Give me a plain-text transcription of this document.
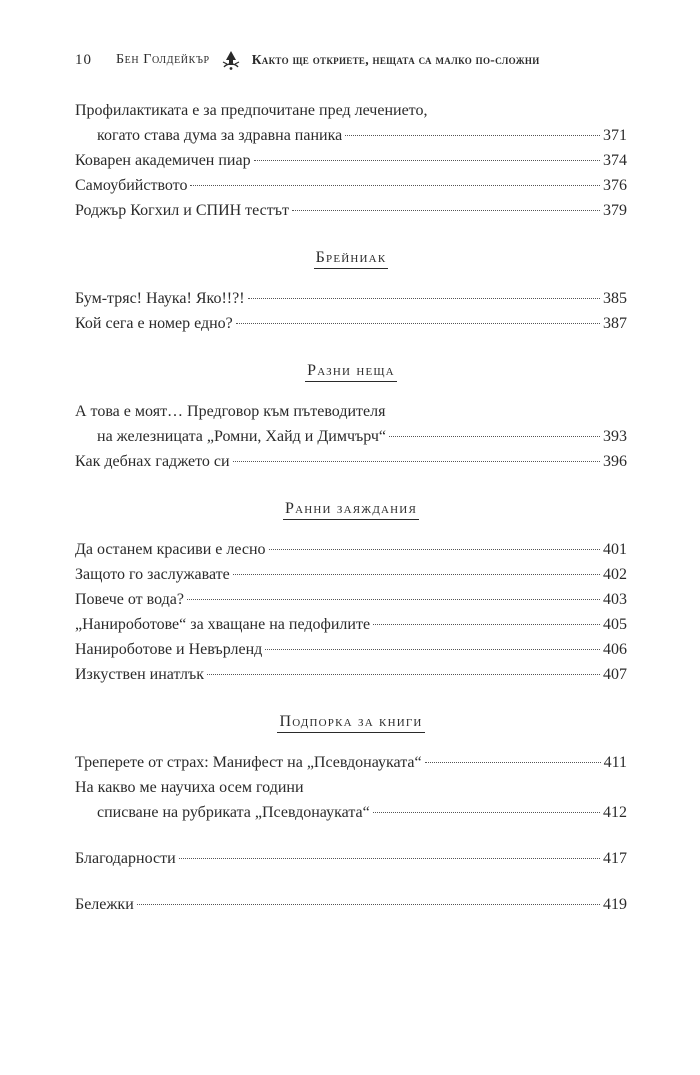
10 Бен Голдейкър	Както ще откриете, нещата са малко по-сложни
Профилактиката е за предпочитане пред лечението,
когато става дума за здравна паника	371
Коварен академичен пиар	374
Самоубийството	376
Роджър Когхил и СПИН тестът	379
Брейниак
Бум-тряс! Наука! Яко!!?!	385
Кой сега е номер едно?	387
Разни неща
А това е моят… Предговор към пътеводителя
на железницата „Ромни, Хайд и Димчърч“	393
Как дебнах гаджето си	396
Ранни заяждания
Да останем красиви е лесно	401
Защото го заслужавате	402
Повече от вода?	403
„Нанироботове“ за хващане на педофилите	405
Нанироботове и Невърленд	406
Изкуствен инатлък	407
Подпорка за книги
Треперете от страх: Манифест на „Псевдонауката“	411
На какво ме научиха осем години
списване на рубриката „Псевдонауката“	412
Благодарности	417
Бележки	419
